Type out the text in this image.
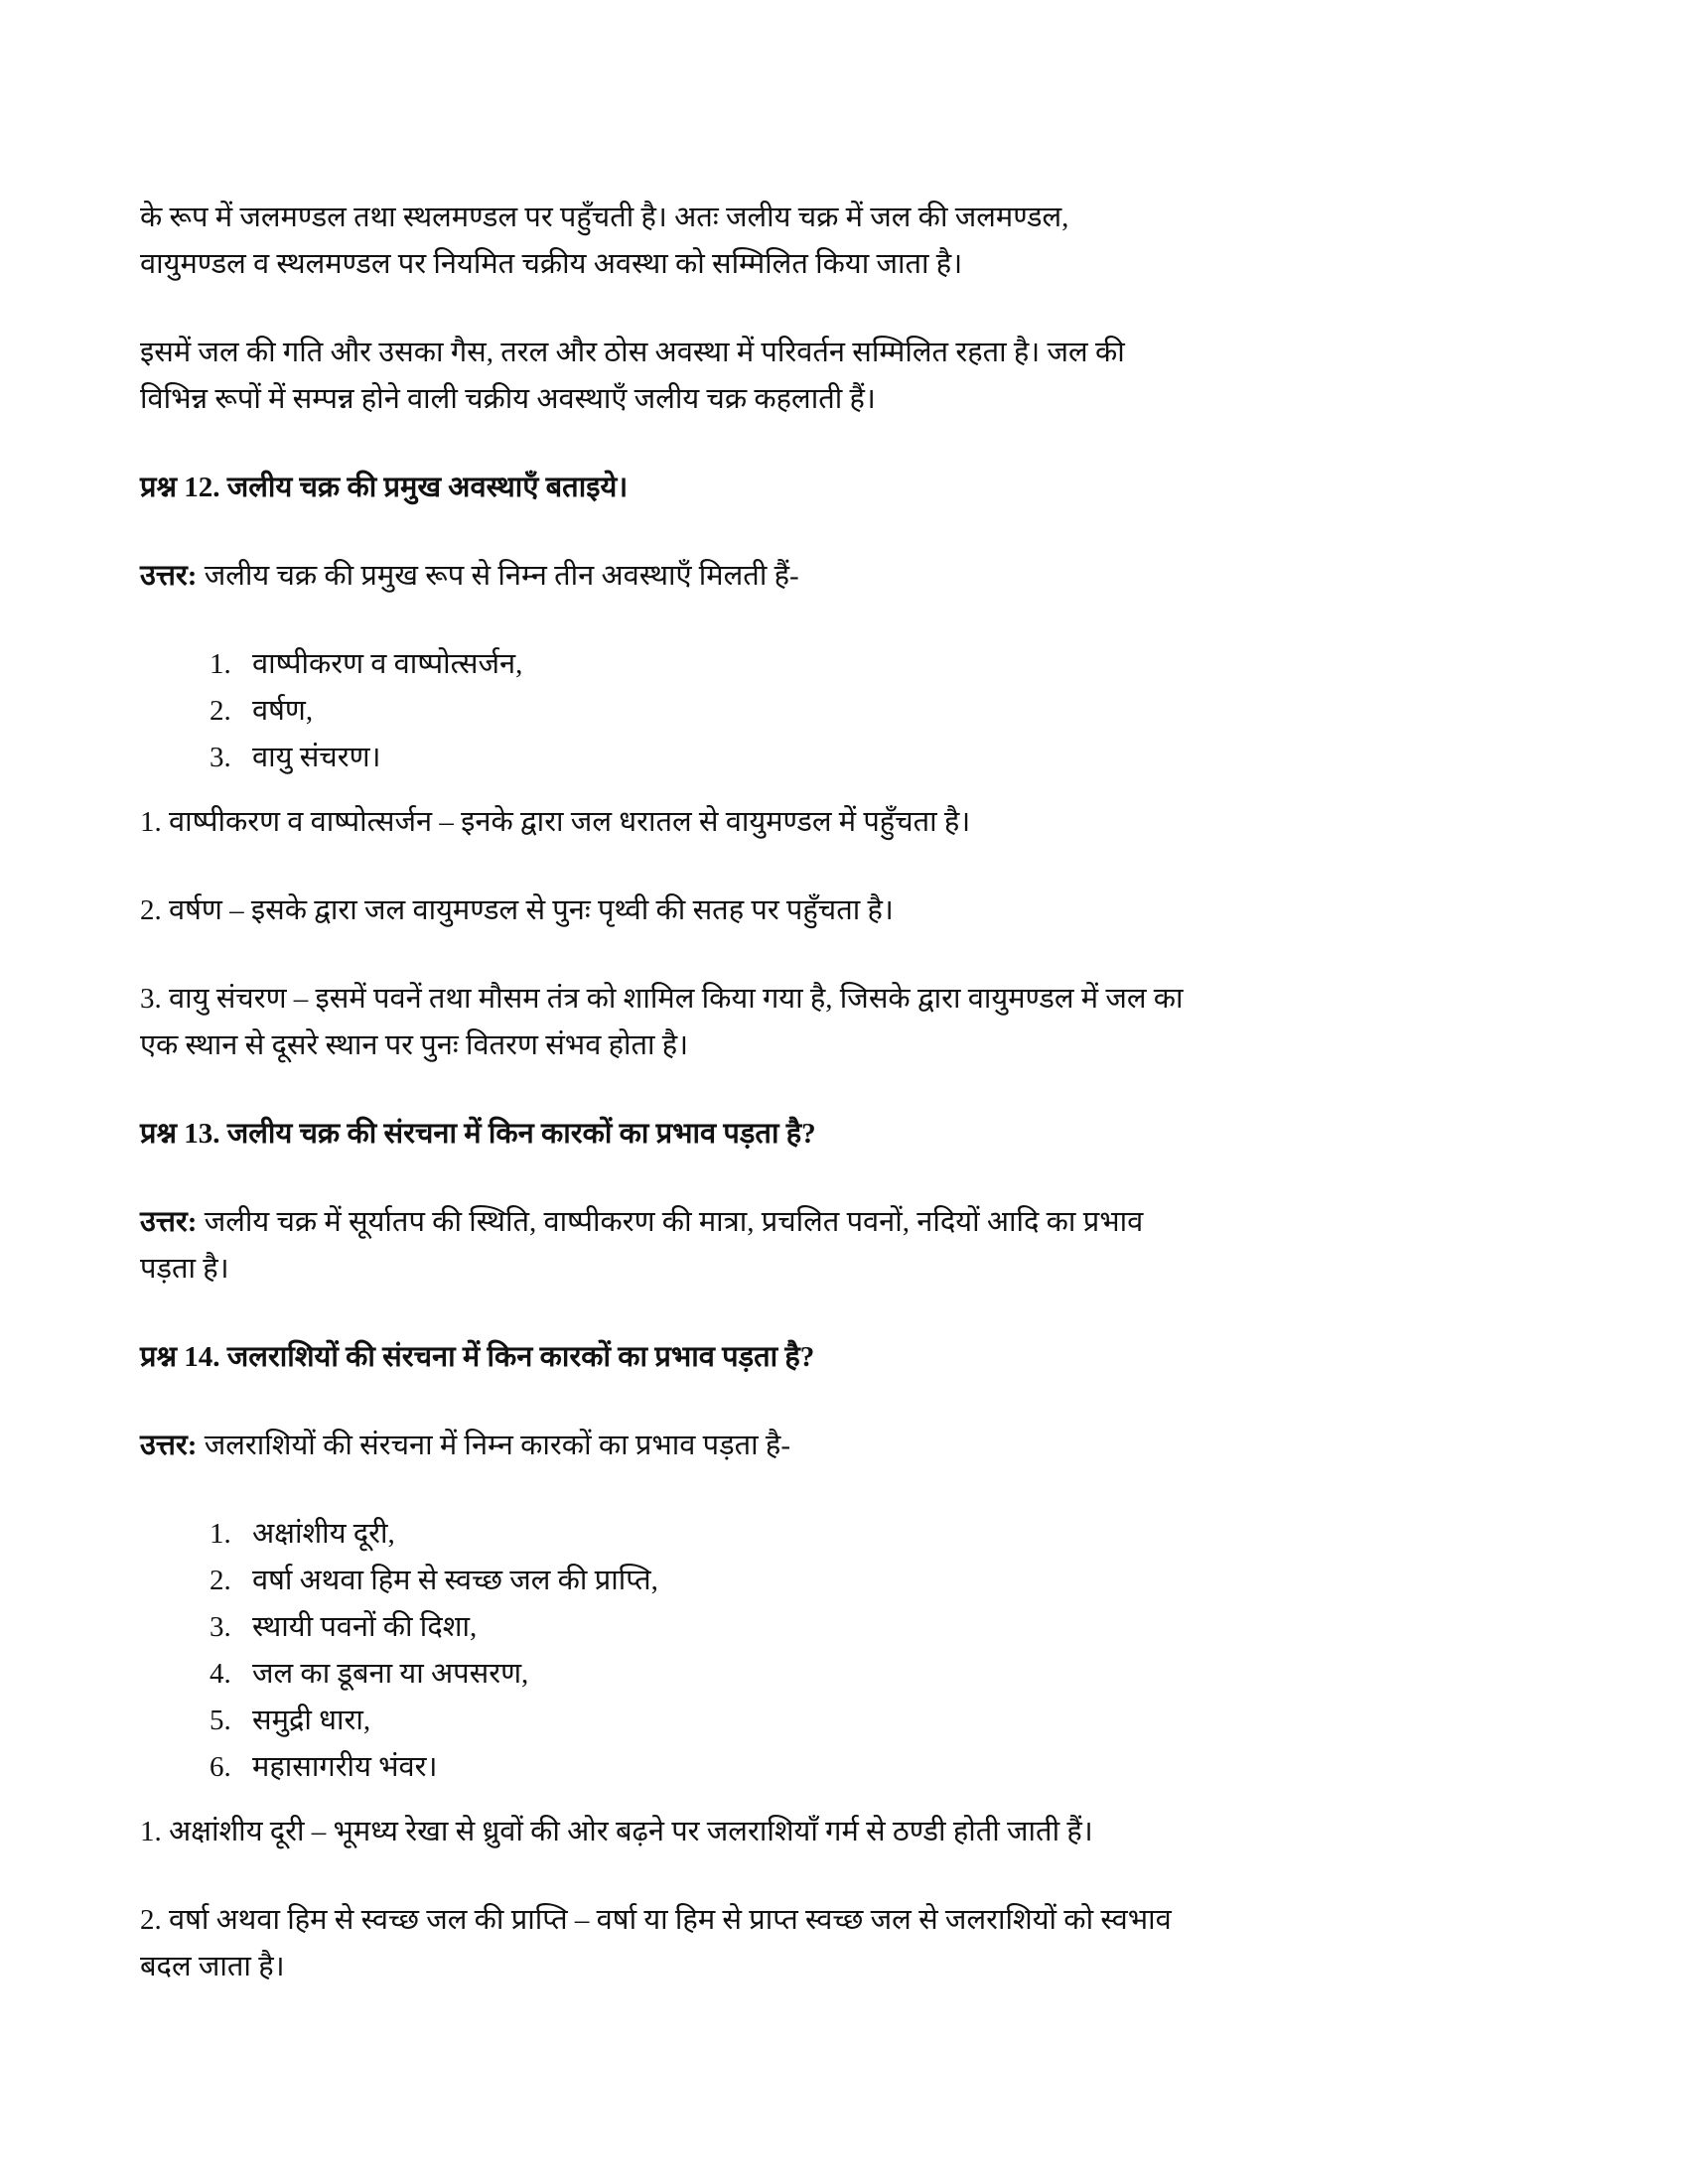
के रूप में जलमण्डल तथा स्थलमण्डल पर पहुँचती है। अतः जलीय चक्र में जल की जलमण्डल,
वायुमण्डल व स्थलमण्डल पर नियमित चक्रीय अवस्था को सम्मिलित किया जाता है।

इसमें जल की गति और उसका गैस, तरल और ठोस अवस्था में परिवर्तन सम्मिलित रहता है। जल की
विभिन्न रूपों में सम्पन्न होने वाली चक्रीय अवस्थाएँ जलीय चक्र कहलाती हैं।

प्रश्न 12. जलीय चक्र की प्रमुख अवस्थाएँ बताइये।

उत्तर: जलीय चक्र की प्रमुख रूप से निम्न तीन अवस्थाएँ मिलती हैं-

1. वाष्पीकरण व वाष्पोत्सर्जन,
2. वर्षण,
3. वायु संचरण।

1. वाष्पीकरण व वाष्पोत्सर्जन – इनके द्वारा जल धरातल से वायुमण्डल में पहुँचता है।

2. वर्षण – इसके द्वारा जल वायुमण्डल से पुनः पृथ्वी की सतह पर पहुँचता है।

3. वायु संचरण – इसमें पवनें तथा मौसम तंत्र को शामिल किया गया है, जिसके द्वारा वायुमण्डल में जल का
एक स्थान से दूसरे स्थान पर पुनः वितरण संभव होता है।

प्रश्न 13. जलीय चक्र की संरचना में किन कारकों का प्रभाव पड़ता है?

उत्तर: जलीय चक्र में सूर्यातप की स्थिति, वाष्पीकरण की मात्रा, प्रचलित पवनों, नदियों आदि का प्रभाव
पड़ता है।

प्रश्न 14. जलराशियों की संरचना में किन कारकों का प्रभाव पड़ता है?

उत्तर: जलराशियों की संरचना में निम्न कारकों का प्रभाव पड़ता है-

1. अक्षांशीय दूरी,
2. वर्षा अथवा हिम से स्वच्छ जल की प्राप्ति,
3. स्थायी पवनों की दिशा,
4. जल का डूबना या अपसरण,
5. समुद्री धारा,
6. महासागरीय भंवर।

1. अक्षांशीय दूरी – भूमध्य रेखा से ध्रुवों की ओर बढ़ने पर जलराशियाँ गर्म से ठण्डी होती जाती हैं।

2. वर्षा अथवा हिम से स्वच्छ जल की प्राप्ति – वर्षा या हिम से प्राप्त स्वच्छ जल से जलराशियों को स्वभाव
बदल जाता है।
